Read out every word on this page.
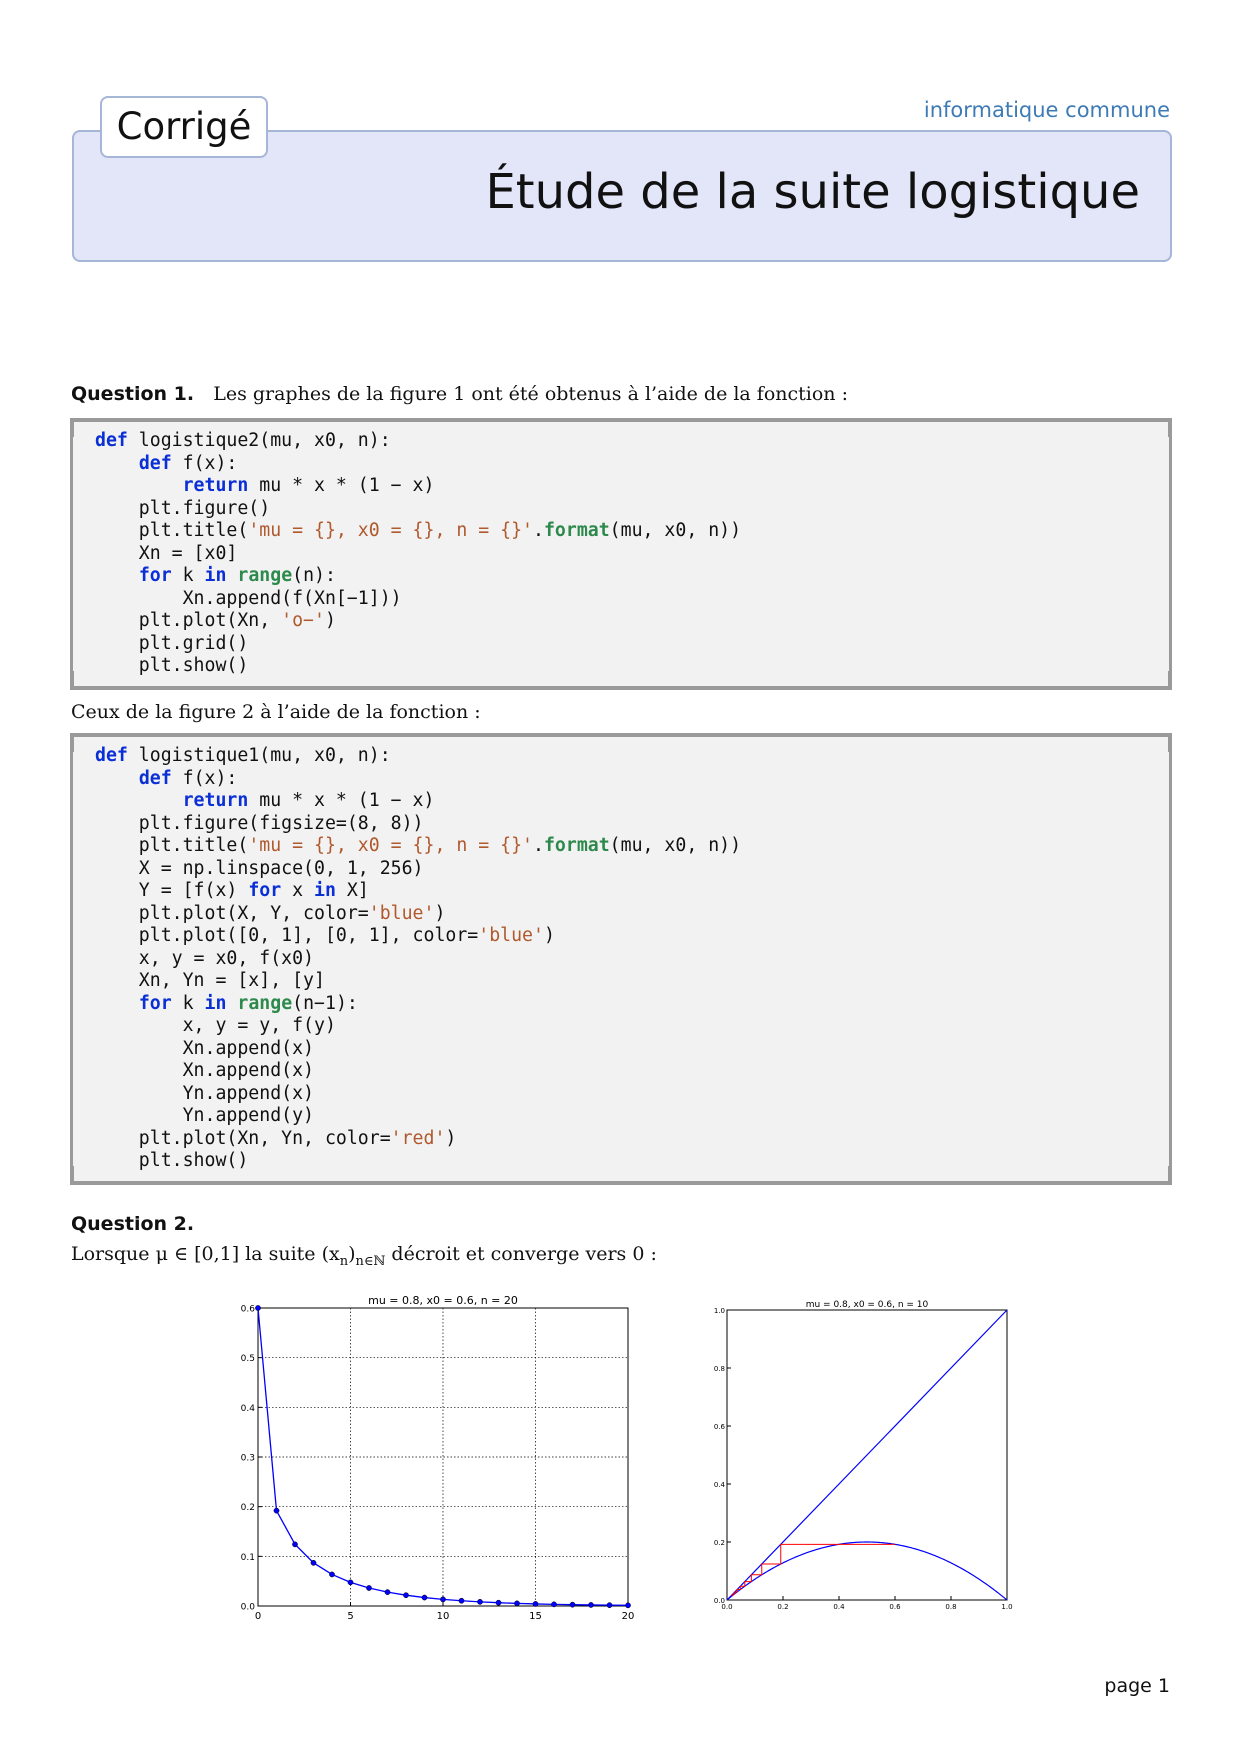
informatique commune
Corrigé
Étude de la suite logistique
Question 1. Les graphes de la figure 1 ont été obtenus à l’aide de la fonction :
def logistique2(mu, x0, n):
def f(x):
return mu * x * (1 − x)
plt.figure()
plt.title('mu = {}, x0 = {}, n = {}'.format(mu, x0, n))
Xn = [x0]
for k in range(n):
Xn.append(f(Xn[−1]))
plt.plot(Xn, 'o−')
plt.grid()
plt.show()
Ceux de la figure 2 à l’aide de la fonction :
def logistique1(mu, x0, n):
def f(x):
return mu * x * (1 − x)
plt.figure(figsize=(8, 8))
plt.title('mu = {}, x0 = {}, n = {}'.format(mu, x0, n))
X = np.linspace(0, 1, 256)
Y = [f(x) for x in X]
plt.plot(X, Y, color='blue')
plt.plot([0, 1], [0, 1], color='blue')
x, y = x0, f(x0)
Xn, Yn = [x], [y]
for k in range(n−1):
x, y = y, f(y)
Xn.append(x)
Xn.append(x)
Yn.append(x)
Yn.append(y)
plt.plot(Xn, Yn, color='red')
plt.show()
Question 2.
Lorsque μ ∈ [0,1] la suite $(x_n)_{n\in ℕ}$ décroit et converge vers 0 :
mu = 0.8, x0 = 0.6, n = 20
0	5	10	15	20
0.0
0.1
0.2
0.3
0.4
0.5
0.6	mu = 0.8, x0 = 0.6, n = 10
0.0	0.2	0.4	0.6	0.8	1.0
0.0
0.2
0.4
0.6
0.8
1.0
page 1
